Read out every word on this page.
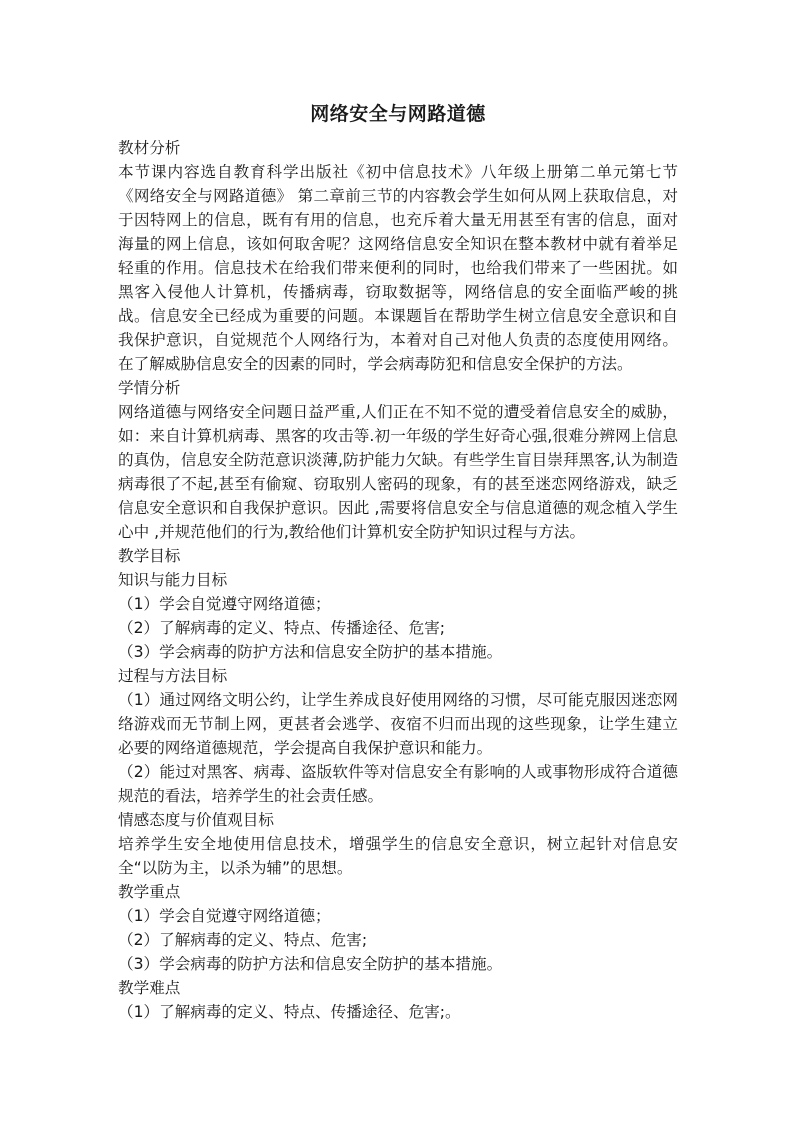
网络安全与网路道德
教材分析

本节课内容选自教育科学出版社《初中信息技术》八年级上册第二单元第七节《网络安全与网路道德》 第二章前三节的内容教会学生如何从网上获取信息，对于因特网上的信息，既有有用的信息，也充斥着大量无用甚至有害的信息，面对海量的网上信息，该如何取舍呢？这网络信息安全知识在整本教材中就有着举足轻重的作用。信息技术在给我们带来便利的同时，也给我们带来了一些困扰。如黑客入侵他人计算机，传播病毒，窃取数据等，网络信息的安全面临严峻的挑战。信息安全已经成为重要的问题。本课题旨在帮助学生树立信息安全意识和自我保护意识，自觉规范个人网络行为，本着对自己对他人负责的态度使用网络。在了解威胁信息安全的因素的同时，学会病毒防犯和信息安全保护的方法。

学情分析

网络道德与网络安全问题日益严重,人们正在不知不觉的遭受着信息安全的威胁，如：来自计算机病毒、黑客的攻击等.初一年级的学生好奇心强,很难分辨网上信息的真伪，信息安全防范意识淡薄,防护能力欠缺。有些学生盲目崇拜黑客,认为制造病毒很了不起,甚至有偷窥、窃取别人密码的现象，有的甚至迷恋网络游戏，缺乏信息安全意识和自我保护意识。因此 ,需要将信息安全与信息道德的观念植入学生心中 ,并规范他们的行为,教给他们计算机安全防护知识过程与方法。

教学目标
知识与能力目标

（1）学会自觉遵守网络道德；

（2）了解病毒的定义、特点、传播途径、危害;

（3）学会病毒的防护方法和信息安全防护的基本措施。

过程与方法目标

（1）通过网络文明公约，让学生养成良好使用网络的习惯，尽可能克服因迷恋网络游戏而无节制上网，更甚者会逃学、夜宿不归而出现的这些现象，让学生建立必要的网络道德规范，学会提高自我保护意识和能力。

（2）能过对黑客、病毒、盗版软件等对信息安全有影响的人或事物形成符合道德规范的看法，培养学生的社会责任感。

情感态度与价值观目标

培养学生安全地使用信息技术，增强学生的信息安全意识，树立起针对信息安全“以防为主，以杀为辅”的思想。

教学重点

（1）学会自觉遵守网络道德；

（2）了解病毒的定义、特点、危害;

（3）学会病毒的防护方法和信息安全防护的基本措施。

教学难点

（1）了解病毒的定义、特点、传播途径、危害;。
